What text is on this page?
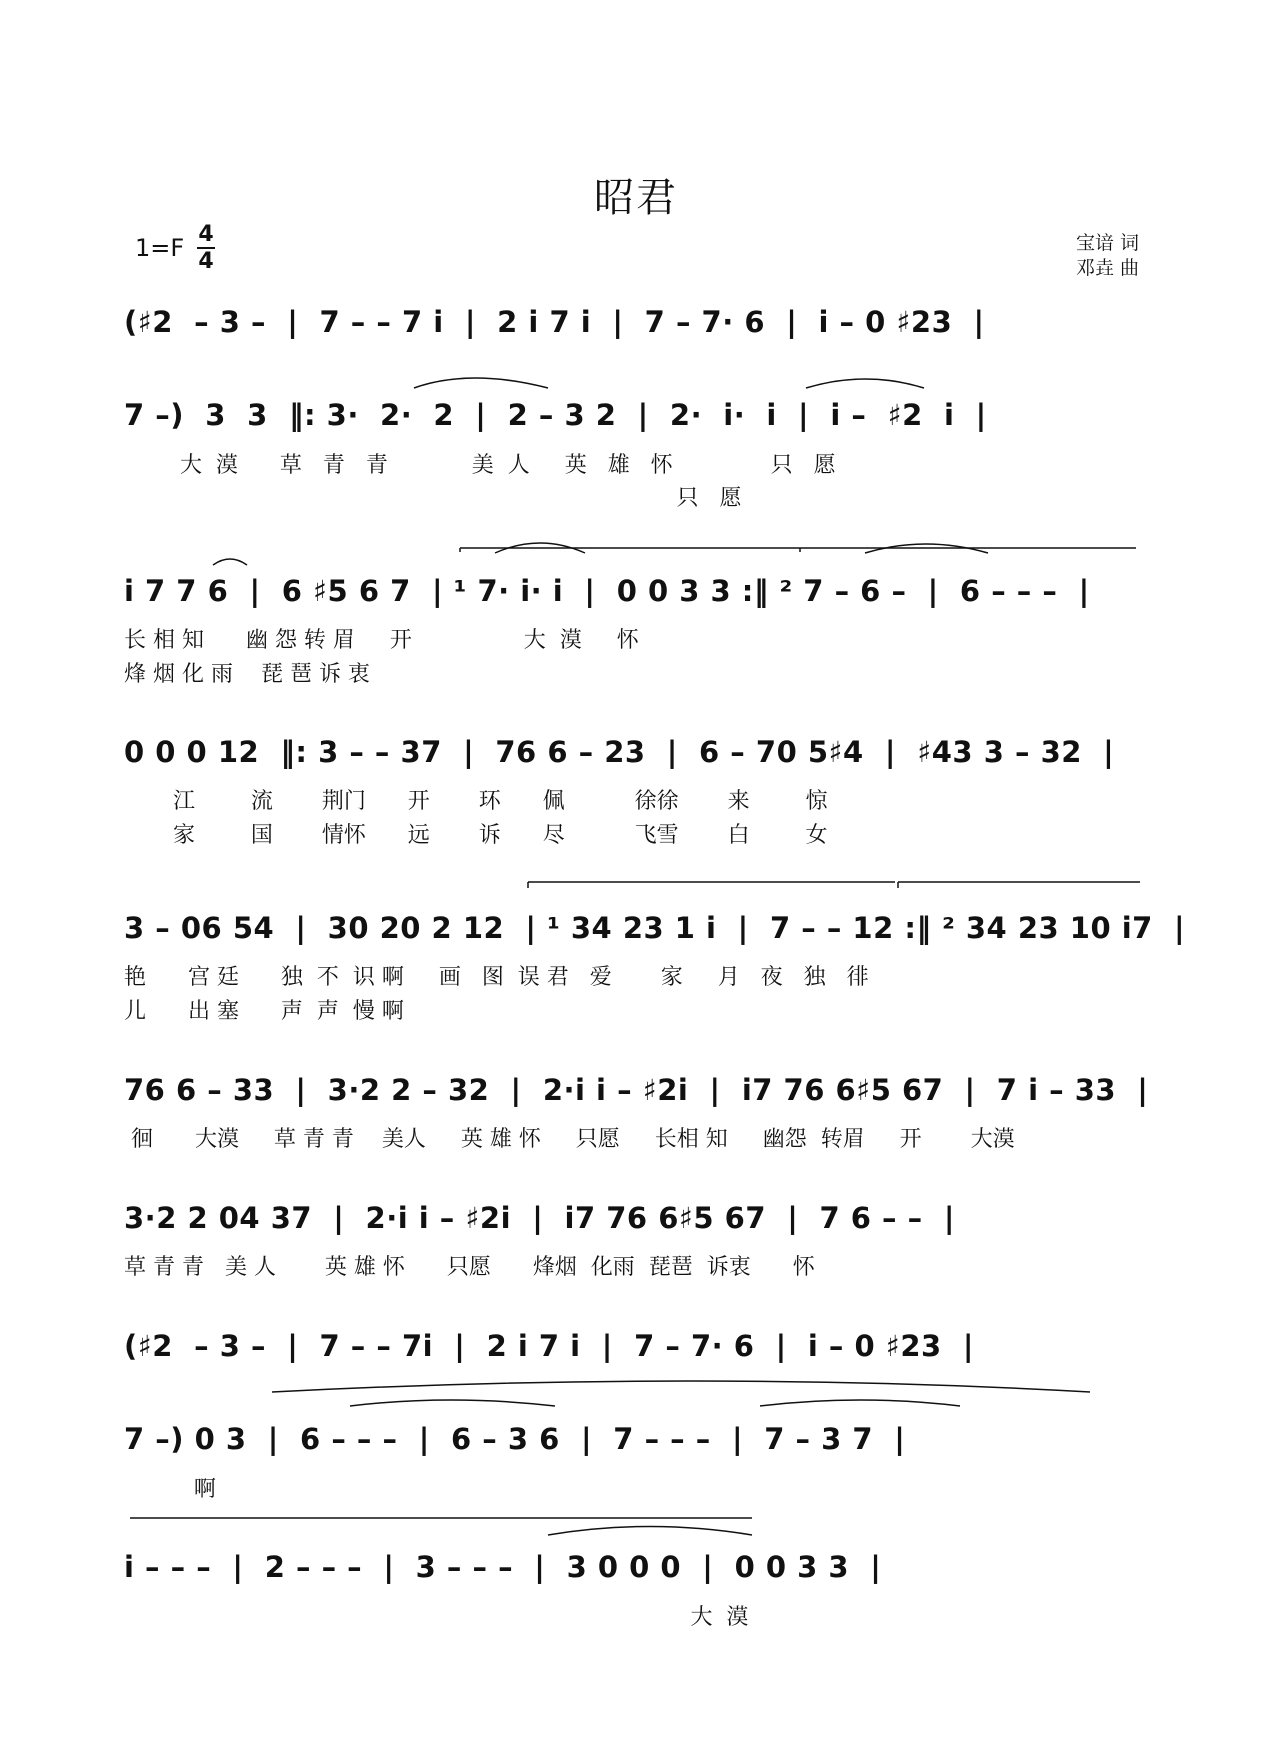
昭君
1=F 4
4
宝谙 词
邓垚 曲
(♯2  – 3 –  |  7 – – 7 i  |  2 i 7 i  |  7 – 7· 6  |  i – 0 ♯23  |
7 –)  3  3  ‖: 3·  2·  2  |  2 – 3 2  |  2·  i·  i  |  i –  ♯2  i  |
大  漠      草   青   青            美  人     英   雄   怀              只   愿
只   愿
i 7 7 6  |  6 ♯5 6 7  | ¹ 7· i· i  |  0 0 3 3 :‖ ² 7 – 6 –  |  6 – – –  |
长 相 知      幽 怨 转 眉     开                大  漠     怀
烽 烟 化 雨    琵 琶 诉 衷
0 0 0 12  ‖: 3 – – 37  |  76 6 – 23  |  6 – 70 5♯4  |  ♯43 3 – 32  |
江        流       荆门      开       环      佩          徐徐       来        惊
家        国       情怀      远       诉      尽          飞雪       白        女
3 – 06 54  |  30 20 2 12  | ¹ 34 23 1 i  |  7 – – 12 :‖ ² 34 23 10 i7  |
艳      宫 廷      独  不  识 啊     画   图  误 君   爱       家     月   夜   独   徘
儿      出 塞      声  声  慢 啊
76 6 – 33  |  3·2 2 – 32  |  2·i i – ♯2i  |  i7 76 6♯5 67  |  7 i – 33  |
徊      大漠     草 青 青    美人     英 雄 怀     只愿     长相 知     幽怨  转眉     开       大漠
3·2 2 04 37  |  2·i i – ♯2i  |  i7 76 6♯5 67  |  7 6 – –  |
草 青 青   美 人       英 雄 怀      只愿      烽烟  化雨  琵琶  诉衷      怀
(♯2  – 3 –  |  7 – – 7i  |  2 i 7 i  |  7 – 7· 6  |  i – 0 ♯23  |
7 –) 0 3  |  6 – – –  |  6 – 3 6  |  7 – – –  |  7 – 3 7  |
啊
i – – –  |  2 – – –  |  3 – – –  |  3 0 0 0  |  0 0 3 3  |
大  漠
